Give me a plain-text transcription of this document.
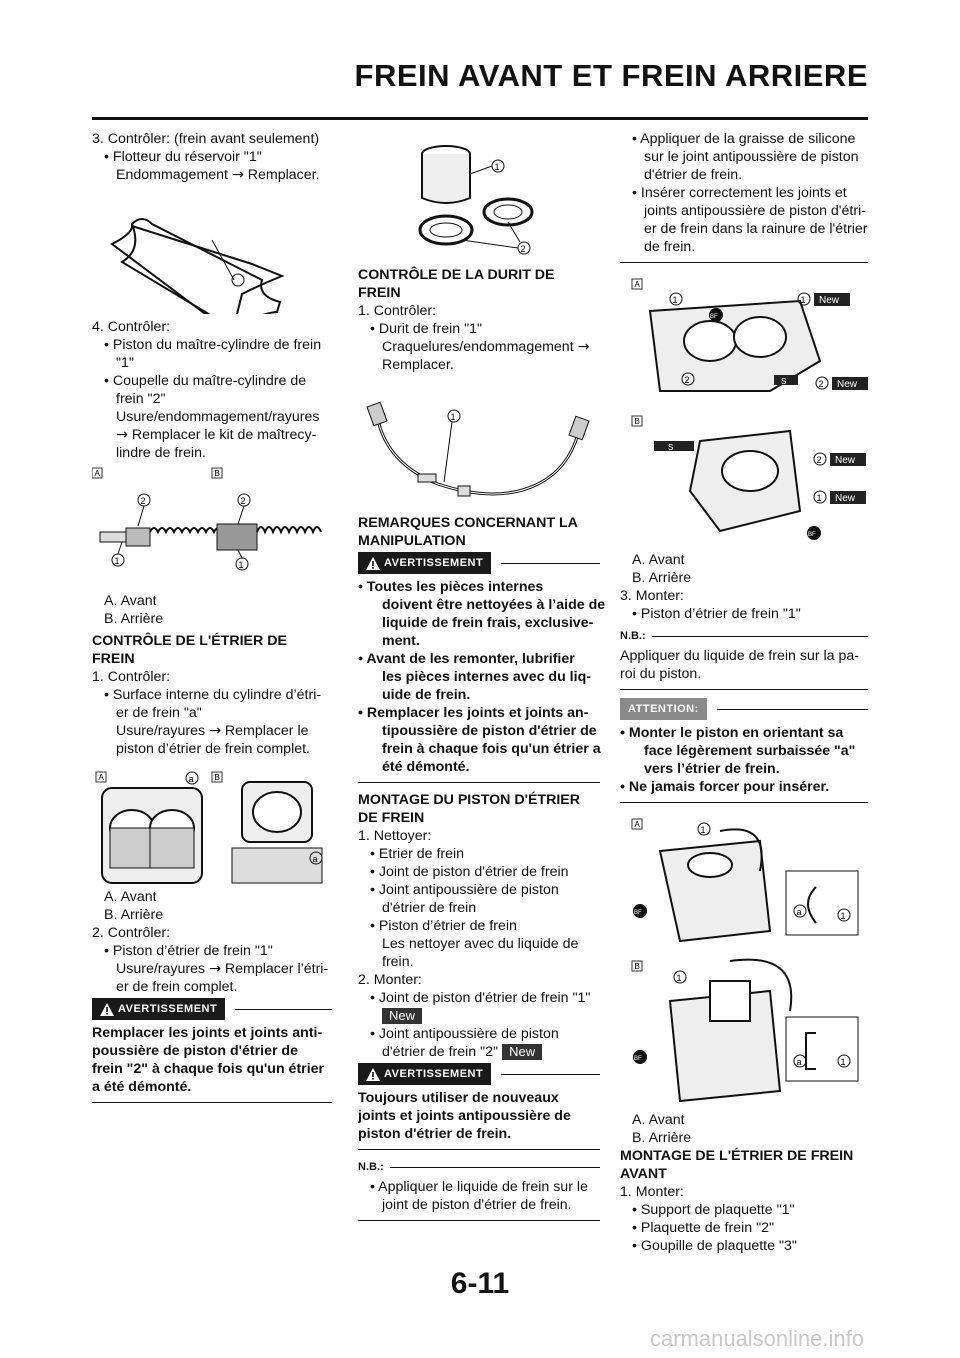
FREIN AVANT ET FREIN ARRIERE
3. Contrôler: (frein avant seulement)
• Flotteur du réservoir "1"
Endommagement → Remplacer.
4. Contrôler:
• Piston du maître-cylindre de frein
"1"
• Coupelle du maître-cylindre de
frein "2"
Usure/endommagement/rayures
→ Remplacer le kit de maîtrecy-
lindre de frein.
A	B
2
1
2
1
A. Avant
B. Arrière
CONTRÔLE DE L'ÉTRIER DE
FREIN
1. Contrôler:
• Surface interne du cylindre d’étri-
er de frein "a"
Usure/rayures → Remplacer le
piston d’étrier de frein complet.
A	B
a
a
A. Avant
B. Arrière
2. Contrôler:
• Piston d’étrier de frein "1"
Usure/rayures → Remplacer l’étri-
er de frein complet.
AVERTISSEMENT
Remplacer les joints et joints anti-
poussière de piston d'étrier de
frein "2" à chaque fois qu'un étrier
a été démonté.
1
2
CONTRÔLE DE LA DURIT DE
FREIN
1. Contrôler:
• Durit de frein "1"
Craquelures/endommagement →
Remplacer.
1
REMARQUES CONCERNANT LA
MANIPULATION
AVERTISSEMENT
• Toutes les pièces internes
doivent être nettoyées à l’aide de
liquide de frein frais, exclusive-
ment.
• Avant de les remonter, lubrifier
les pièces internes avec du liq-
uide de frein.
• Remplacer les joints et joints an-
tipoussière de piston d'étrier de
frein à chaque fois qu'un étrier a
été démonté.
MONTAGE DU PISTON D'ÉTRIER
DE FREIN
1. Nettoyer:
• Etrier de frein
• Joint de piston d'étrier de frein
• Joint antipoussière de piston
d'étrier de frein
• Piston d’étrier de frein
Les nettoyer avec du liquide de
frein.
2. Monter:
• Joint de piston d'étrier de frein "1"
New
• Joint antipoussière de piston
d'étrier de frein "2" New
AVERTISSEMENT
Toujours utiliser de nouveaux
joints et joints antipoussière de
piston d'étrier de frein.
N.B.:
• Appliquer le liquide de frein sur le
joint de piston d'étrier de frein.
• Appliquer de la graisse de silicone
sur le joint antipoussière de piston
d'étrier de frein.
• Insérer correctement les joints et
joints antipoussière de piston d'étri-
er de frein dans la rainure de l'étrier
de frein.
A
BF
1	1 New
2	2 New
S
B
S
2 New
1 New
BF
A. Avant
B. Arrière
3. Monter:
• Piston d’étrier de frein "1"
N.B.:
Appliquer du liquide de frein sur la pa-
roi du piston.
ATTENTION:
• Monter le piston en orientant sa
face légèrement surbaissée "a"
vers l’étrier de frein.
• Ne jamais forcer pour insérer.
A
1
BF	a	1
B
1
BF	a	1
A. Avant
B. Arrière
MONTAGE DE L'ÉTRIER DE FREIN
AVANT
1. Monter:
• Support de plaquette "1"
• Plaquette de frein "2"
• Goupille de plaquette "3"
6-11
carmanualsonline.info
